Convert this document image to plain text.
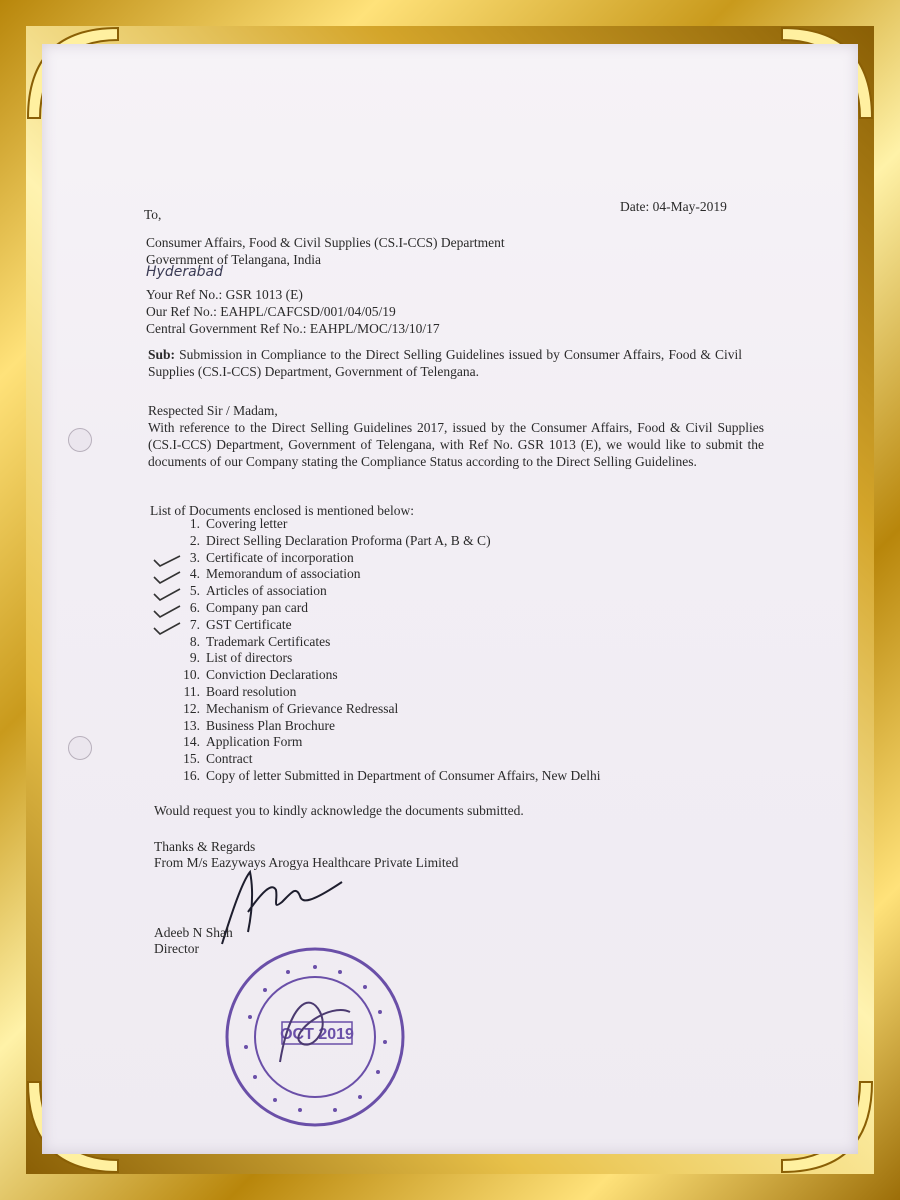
Date: 04-May-2019
To,
Consumer Affairs, Food & Civil Supplies (CS.I-CCS) Department
Government of Telangana, India
Hyderabad
Your Ref No.: GSR 1013 (E)
Our Ref No.: EAHPL/CAFCSD/001/04/05/19
Central Government Ref No.: EAHPL/MOC/13/10/17
Sub: Submission in Compliance to the Direct Selling Guidelines issued by Consumer Affairs, Food & Civil Supplies (CS.I-CCS) Department, Government of Telengana.
Respected Sir / Madam,
With reference to the Direct Selling Guidelines 2017, issued by the Consumer Affairs, Food & Civil Supplies (CS.I-CCS) Department, Government of Telengana, with Ref No. GSR 1013 (E), we would like to submit the documents of our Company stating the Compliance Status according to the Direct Selling Guidelines.
List of Documents enclosed is mentioned below:
1. Covering letter
2. Direct Selling Declaration Proforma (Part A, B & C)
3. Certificate of incorporation
4. Memorandum of association
5. Articles of association
6. Company pan card
7. GST Certificate
8. Trademark Certificates
9. List of directors
10. Conviction Declarations
11. Board resolution
12. Mechanism of Grievance Redressal
13. Business Plan Brochure
14. Application Form
15. Contract
16. Copy of letter Submitted in Department of Consumer Affairs, New Delhi
Would request you to kindly acknowledge the documents submitted.
Thanks & Regards
From M/s Eazyways Arogya Healthcare Private Limited
Adeeb N Shah
Director
OCT 2019
